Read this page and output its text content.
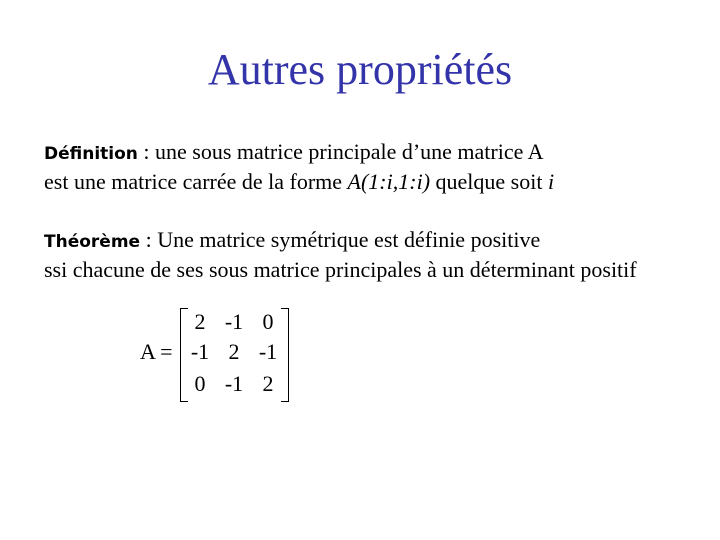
Autres propriétés
Définition : une sous matrice principale d’une matrice A
est une matrice carrée de la forme A(1:i,1:i) quelque soit i
Théorème : Une matrice symétrique est définie positive
ssi chacune de ses sous matrice principales à un déterminant positif
A =
2 -1 0
-1 2 -1
0 -1 2
